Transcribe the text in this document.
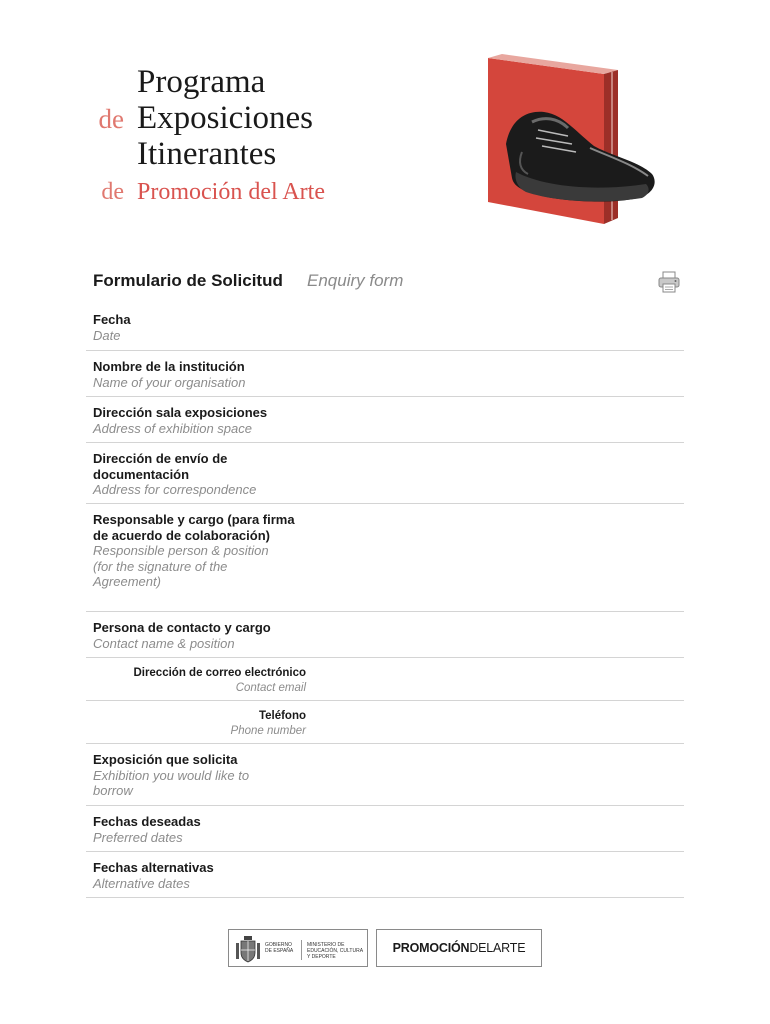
Programa
de Exposiciones
Itinerantes
de Promoción del Arte
Formulario de Solicitud Enquiry form
Fecha
Date
Nombre de la institución
Name of your organisation
Dirección sala exposiciones
Address of exhibition space
Dirección de envío de documentación
Address for correspondence
Responsable y cargo (para firma de acuerdo de colaboración)
Responsible person & position (for the signature of the Agreement)
Persona de contacto y cargo
Contact name & position
Dirección de correo electrónico
Contact email
Teléfono
Phone number
Exposición que solicita
Exhibition you would like to borrow
Fechas deseadas
Preferred dates
Fechas alternativas
Alternative dates
GOBIERNO DE ESPAÑA
MINISTERIO DE EDUCACIÓN, CULTURA Y DEPORTE
PROMOCIÓNDELARTE
